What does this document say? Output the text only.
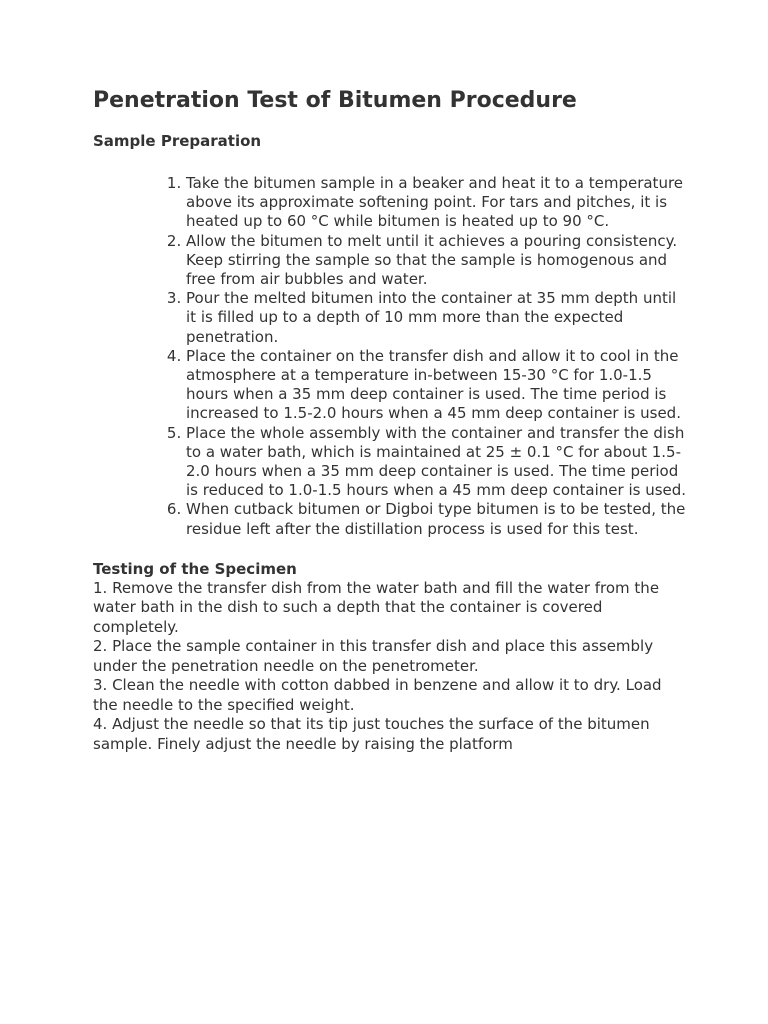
Penetration Test of Bitumen Procedure
Sample Preparation
1. Take the bitumen sample in a beaker and heat it to a temperature above its approximate softening point. For tars and pitches, it is heated up to 60 °C while bitumen is heated up to 90 °C.
2. Allow the bitumen to melt until it achieves a pouring consistency. Keep stirring the sample so that the sample is homogenous and free from air bubbles and water.
3. Pour the melted bitumen into the container at 35 mm depth until it is filled up to a depth of 10 mm more than the expected penetration.
4. Place the container on the transfer dish and allow it to cool in the atmosphere at a temperature in-between 15-30 °C for 1.0-1.5 hours when a 35 mm deep container is used. The time period is increased to 1.5-2.0 hours when a 45 mm deep container is used.
5. Place the whole assembly with the container and transfer the dish to a water bath, which is maintained at 25 ± 0.1 °C for about 1.5-2.0 hours when a 35 mm deep container is used. The time period is reduced to 1.0-1.5 hours when a 45 mm deep container is used.
6. When cutback bitumen or Digboi type bitumen is to be tested, the residue left after the distillation process is used for this test.
Testing of the Specimen

1. Remove the transfer dish from the water bath and fill the water from the water bath in the dish to such a depth that the container is covered completely.

2. Place the sample container in this transfer dish and place this assembly under the penetration needle on the penetrometer.

3. Clean the needle with cotton dabbed in benzene and allow it to dry. Load the needle to the specified weight.

4. Adjust the needle so that its tip just touches the surface of the bitumen sample. Finely adjust the needle by raising the platform
